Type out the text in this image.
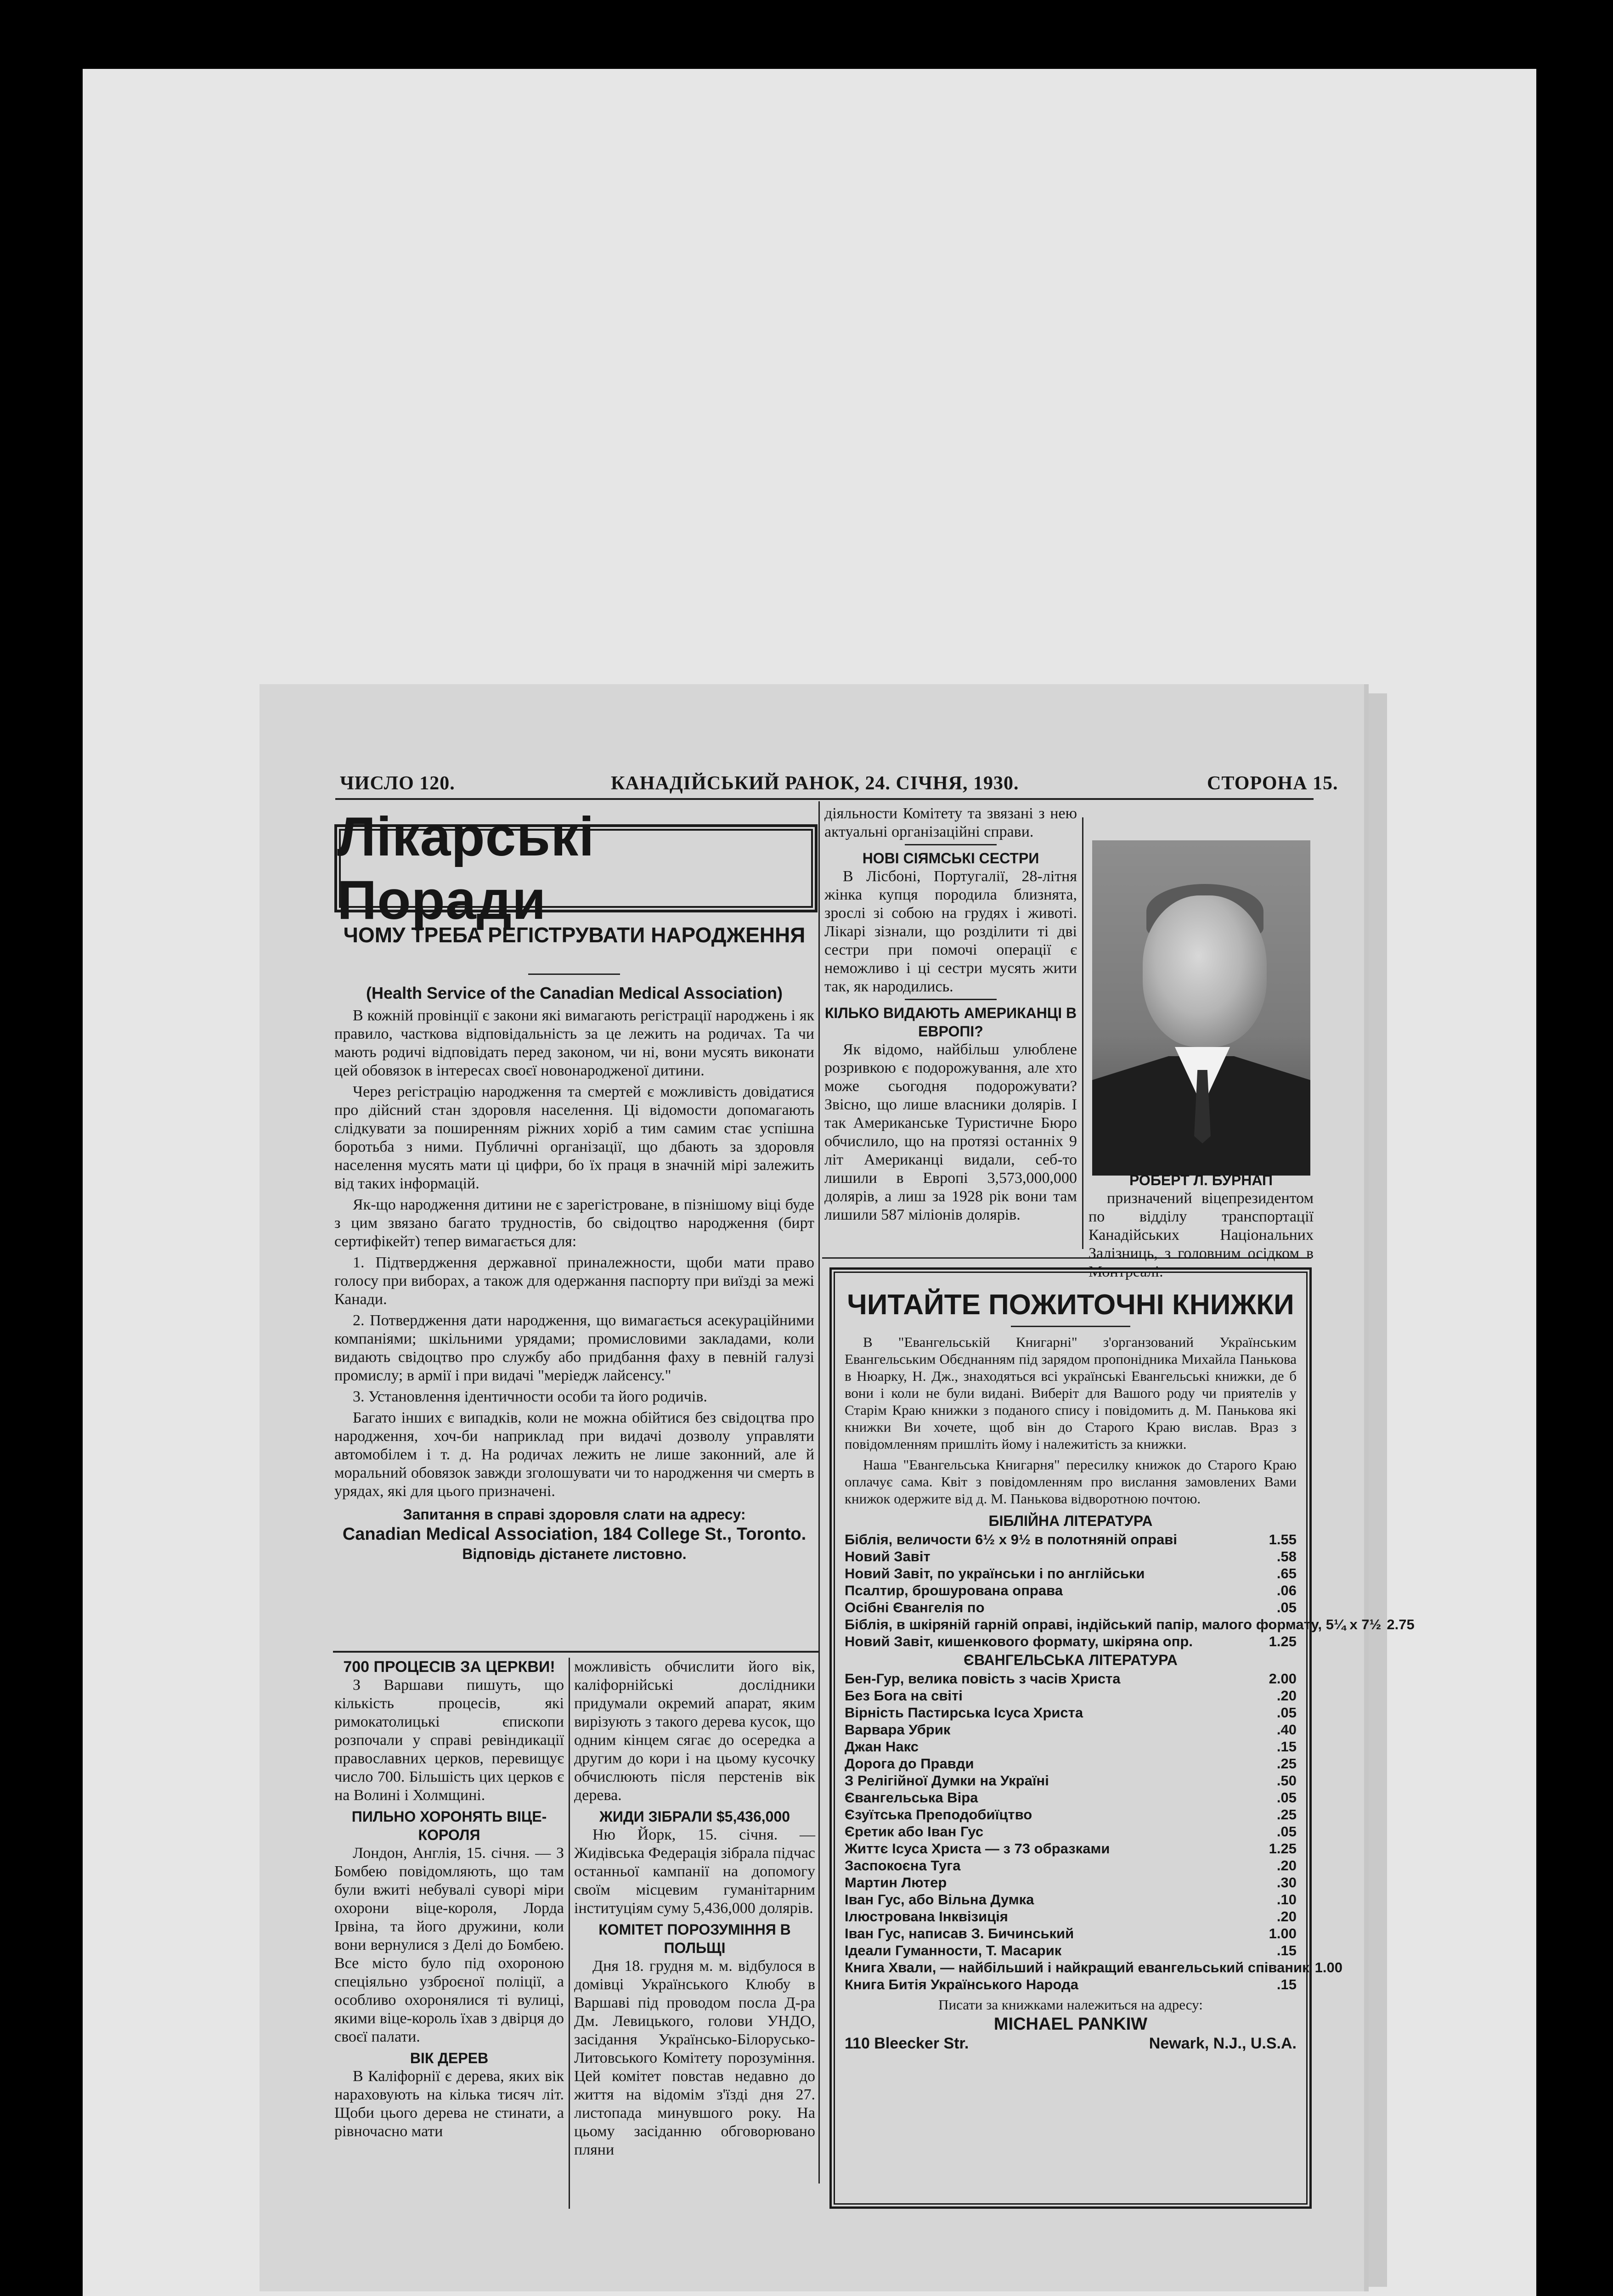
ЧИСЛО 120.	КАНАДІЙСЬКИЙ РАНОК, 24. СІЧНЯ, 1930.	СТОРОНА 15.
Лікарські Поради
ЧОМУ ТРЕБА РЕГІСТРУВАТИ НАРОДЖЕННЯ
(Health Service of the Canadian Medical Association)

В кожній провінції є закони які вимагають регістрації народжень і як правило, часткова відповідальність за це лежить на родичах. Та чи мають родичі відповідать перед законом, чи ні, вони мусять виконати цей обовязок в інтересах своєї новонародженої дитини.

Через регістрацію народження та смертей є можливість довідатися про дійсний стан здоровля населення. Ці відомости допомагають слідкувати за поширенням ріжних хоріб а тим самим стає успішна боротьба з ними. Публичні організації, що дбають за здоровля населення мусять мати ці цифри, бо їх праця в значній мірі залежить від таких інформацій.

Як-що народження дитини не є зарегістроване, в пізнішому віці буде з цим звязано багато трудностів, бо свідоцтво народження (бирт сертифікейт) тепер вимагається для:

1. Підтвердження державної приналежности, щоби мати право голосу при виборах, а також для одержання паспорту при виїзді за межі Канади.

2. Потвердження дати народження, що вимагається асекураційними компаніями; шкільними урядами; промисловими закладами, коли видають свідоцтво про службу або придбання фаху в певній галузі промислу; в армії і при видачі "меріедж лайсенсу."

3. Установлення ідентичности особи та його родичів.

Багато інших є випадків, коли не можна обійтися без свідоцтва про народження, хоч-би наприклад при видачі дозволу управляти автомобілем і т. д. На родичах лежить не лише законний, але й моральний обовязок завжди зголошувати чи то народження чи смерть в урядах, які для цього призначені.

Запитання в справі здоровля слати на адресу:
Canadian Medical Association, 184 College St., Toronto.
Відповідь дістанете листовно.

діяльности Комітету та звязані з нею актуальні організаційні справи.

НОВІ СІЯМСЬКІ СЕСТРИ

В Лісбоні, Португалії, 28-літня жінка купця породила близнята, зрослі зі собою на грудях і животі. Лікарі зізнали, що розділити ті дві сестри при помочі операції є неможливо і ці сестри мусять жити так, як народились.

КІЛЬКО ВИДАЮТЬ АМЕРИКАНЦІ В ЕВРОПІ?

Як відомо, найбільш улюблене розривкою є подорожування, але хто може сьогодня подорожувати? Звісно, що лише власники долярів. І так Американське Туристичне Бюро обчислило, що на протязі останніх 9 літ Американці видали, себ-то лишили в Европі 3,573,000,000 долярів, а лиш за 1928 рік вони там лишили 587 міліонів долярів.

РОБЕРТ Л. БУРНАП

призначений віцепрезидентом по відділу транспортації Канадійських Національних Залізниць, з головним осідком в Монтреалі.

700 ПРОЦЕСІВ ЗА ЦЕРКВИ!

З Варшави пишуть, що кількість процесів, які римокатолицькі єпископи розпочали у справі ревіндикації православних церков, перевищує число 700. Більшість цих церков є на Волині і Холмщині.

ПИЛЬНО ХОРОНЯТЬ ВІЦЕ-КОРОЛЯ

Лондон, Англія, 15. січня. — З Бомбею повідомляють, що там були вжиті небувалі суворі міри охорони віце-короля, Лорда Ірвіна, та його дружини, коли вони вернулися з Делі до Бомбею. Все місто було під охороною спеціяльно узброєної поліції, а особливо охоронялися ті вулиці, якими віце-король їхав з двірця до своєї палати.

ВІК ДЕРЕВ

В Каліфорнії є дерева, яких вік нараховують на кілька тисяч літ. Щоби цього дерева не стинати, а рівночасно мати

можливість обчислити його вік, каліфорнійські дослідники придумали окремий апарат, яким вирізують з такого дерева кусок, що одним кінцем сягає до осередка а другим до кори і на цьому кусочку обчислюють після перстенів вік дерева.

ЖИДИ ЗІБРАЛИ $5,436,000

Ню Йорк, 15. січня. — Жидівська Федерація зібрала підчас останньої кампанії на допомогу своїм місцевим гуманітарним інституціям суму 5,436,000 долярів.

КОМІТЕТ ПОРОЗУМІННЯ В ПОЛЬЩІ

Дня 18. грудня м. м. відбулося в домівці Українського Клюбу в Варшаві під проводом посла Д-ра Дм. Левицького, голови УНДО, засідання Українсько-Білорусько-Литовського Комітету порозуміння. Цей комітет повстав недавно до життя на відомім з'їзді дня 27. листопада минувшого року. На цьому засіданню обговорювано пляни

ЧИТАЙТЕ ПОЖИТОЧНІ КНИЖКИ

В "Евангельській Книгарні" з'органзований Українським Евангельським Обєднанням під зарядом пропонідника Михайла Панькова в Нюарку, Н. Дж., знаходяться всі українські Евангельські книжки, де б вони і коли не були видані. Виберіт для Вашого роду чи приятелів у Старім Краю книжки з поданого спису і повідомить д. М. Панькова які книжки Ви хочете, щоб він до Старого Краю вислав. Враз з повідомленням пришліть йому і належитість за книжки.

Наша "Евангельська Книгарня" пересилку книжок до Старого Краю оплачує сама. Квіт з повідомленням про вислання замовлених Вами книжок одержите від д. М. Панькова відворотною почтою.

БІБЛІЙНА ЛІТЕРАТУРА
Біблія, величости 6½ х 9½ в полотняній оправі	1.55
Новий Завіт	.58
Новий Завіт, по українськи і по англійськи	.65
Псалтир, брошурована оправа	.06
Осібні Євангелія по	.05
Біблія, в шкіряній гарній оправі, індійський папір, малого формату, 5¼ х 7½ 2.75
Новий Завіт, кишенкового формату, шкіряна опр.	1.25
ЄВАНГЕЛЬСЬКА ЛІТЕРАТУРА
Бен-Гур, велика повість з часів Христа	2.00
Без Бога на світі	.20
Вірність Пастирська Ісуса Христа	.05
Варвара Убрик	.40
Джан Накс	.15
Дорога до Правди	.25
З Релігійної Думки на Україні	.50
Євангельська Віра	.05
Єзуїтська Преподобиїцтво	.25
Єретик або Іван Гус	.05
Життє Ісуса Христа — з 73 образками	1.25
Заспокоєна Туга	.20
Мартин Лютер	.30
Іван Гус, або Вільна Думка	.10
Ілюстрована Інквізиція	.20
Іван Гус, написав З. Бичинський	1.00
Ідеали Гуманности, Т. Масарик	.15
Книга Хвали, — найбільший і найкращий евангельський співаник 1.00
Книга Битія Українського Народа	.15
Писати за книжками належиться на адресу:
MICHAEL PANKIW
110 Bleecker Str.	Newark, N.J., U.S.A.
